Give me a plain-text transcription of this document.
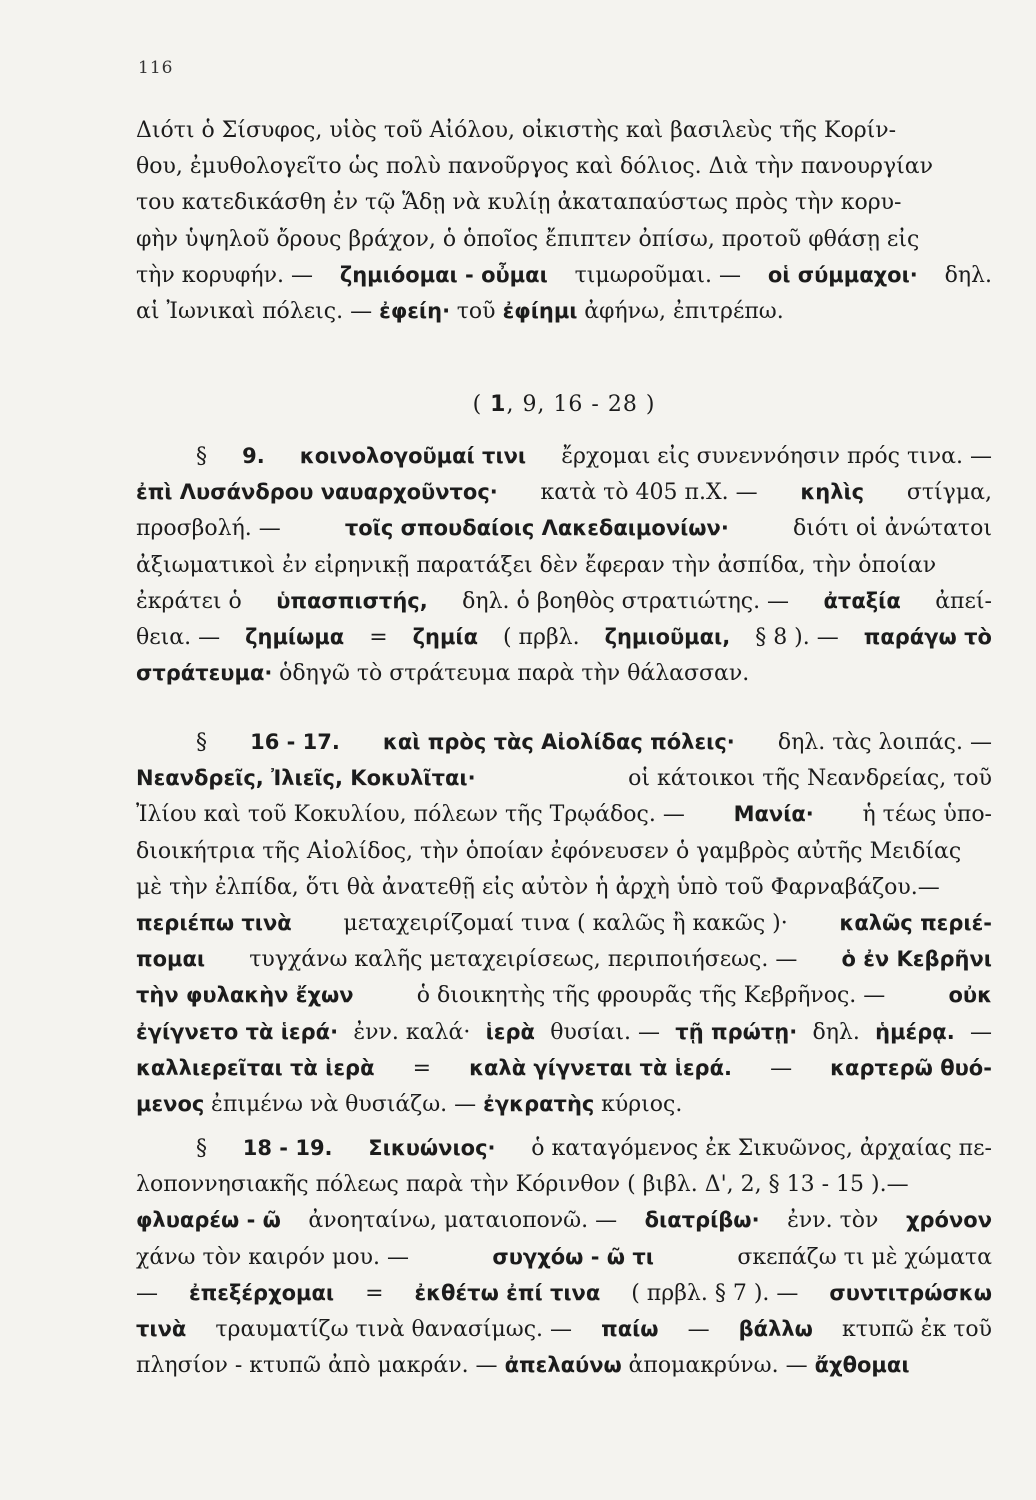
116
Διότι ὁ Σίσυφος, υἱὸς τοῦ Αἰόλου, οἰκιστὴς καὶ βασιλεὺς τῆς Κορίν-
θου, ἐμυθολογεῖτο ὡς πολὺ πανοῦργος καὶ δόλιος. Διὰ τὴν πανουργίαν
του κατεδικάσθη ἐν τῷ Ἅδῃ νὰ κυλίῃ ἀκαταπαύστως πρὸς τὴν κορυ-
φὴν ὑψηλοῦ ὄρους βράχον, ὁ ὁποῖος ἔπιπτεν ὀπίσω, προτοῦ φθάσῃ εἰς
τὴν κορυφήν. — ζημιόομαι - οὖμαι τιμωροῦμαι. — οἱ σύμμαχοι· δηλ.
αἱ Ἰωνικαὶ πόλεις. — ἐφείη· τοῦ ἐφίημι ἀφήνω, ἐπιτρέπω.
( 1, 9, 16 - 28 )
§ 9. κοινολογοῦμαί τινι ἔρχομαι εἰς συνεννόησιν πρός τινα. —
ἐπὶ Λυσάνδρου ναυαρχοῦντος· κατὰ τὸ 405 π.Χ. — κηλὶς στίγμα,
προσβολή. —	τοῖς σπουδαίοις Λακεδαιμονίων·	διότι οἱ ἀνώτατοι
ἀξιωματικοὶ ἐν εἰρηνικῇ παρατάξει δὲν ἔφεραν τὴν ἀσπίδα, τὴν ὁποίαν
ἐκράτει ὁ ὑπασπιστής, δηλ. ὁ βοηθὸς στρατιώτης. — ἀταξία ἀπεί-
θεια. — ζημίωμα = ζημία ( πρβλ. ζημιοῦμαι, § 8 ). — παράγω τὸ
στράτευμα· ὁδηγῶ τὸ στράτευμα παρὰ τὴν θάλασσαν.
§ 16 - 17. καὶ πρὸς τὰς Αἰολίδας πόλεις· δηλ. τὰς λοιπάς. —
Νεανδρεῖς, Ἰλιεῖς, Κοκυλῖται·	οἱ κάτοικοι τῆς Νεανδρείας, τοῦ
Ἰλίου καὶ τοῦ Κοκυλίου, πόλεων τῆς Τρῳάδος. — Μανία· ἡ τέως ὑπο-
διοικήτρια τῆς Αἰολίδος, τὴν ὁποίαν ἐφόνευσεν ὁ γαμβρὸς αὐτῆς Μειδίας
μὲ τὴν ἐλπίδα, ὅτι θὰ ἀνατεθῇ εἰς αὐτὸν ἡ ἀρχὴ ὑπὸ τοῦ Φαρναβάζου.—
περιέπω τινὰ μεταχειρίζομαί τινα ( καλῶς ἢ κακῶς )· καλῶς περιέ-
πομαι τυγχάνω καλῆς μεταχειρίσεως, περιποιήσεως. — ὁ ἐν Κεβρῆνι
τὴν φυλακὴν ἔχων	ὁ διοικητὴς τῆς φρουρᾶς τῆς Κεβρῆνος. —	οὐκ
ἐγίγνετο τὰ ἱερά· ἐνν. καλά· ἱερὰ θυσίαι. — τῇ πρώτῃ· δηλ. ἡμέρᾳ. —
καλλιερεῖται τὰ ἱερὰ = καλὰ γίγνεται τὰ ἱερά. — καρτερῶ θυό-
μενος ἐπιμένω νὰ θυσιάζω. — ἐγκρατὴς κύριος.
§ 18 - 19. Σικυώνιος· ὁ καταγόμενος ἐκ Σικυῶνος, ἀρχαίας πε-
λοποννησιακῆς πόλεως παρὰ τὴν Κόρινθον ( βιβλ. Δ', 2, § 13 - 15 ).—
φλυαρέω - ῶ ἀνοηταίνω, ματαιοπονῶ. — διατρίβω· ἐνν. τὸν χρόνον
χάνω τὸν καιρόν μου. —	συγχόω - ῶ τι	σκεπάζω τι μὲ χώματα
— ἐπεξέρχομαι = ἐκθέτω ἐπί τινα ( πρβλ. § 7 ). — συντιτρώσκω
τινὰ τραυματίζω τινὰ θανασίμως. — παίω — βάλλω κτυπῶ ἐκ τοῦ
πλησίον - κτυπῶ ἀπὸ μακράν. — ἀπελαύνω ἀπομακρύνω. — ἄχθομαι
